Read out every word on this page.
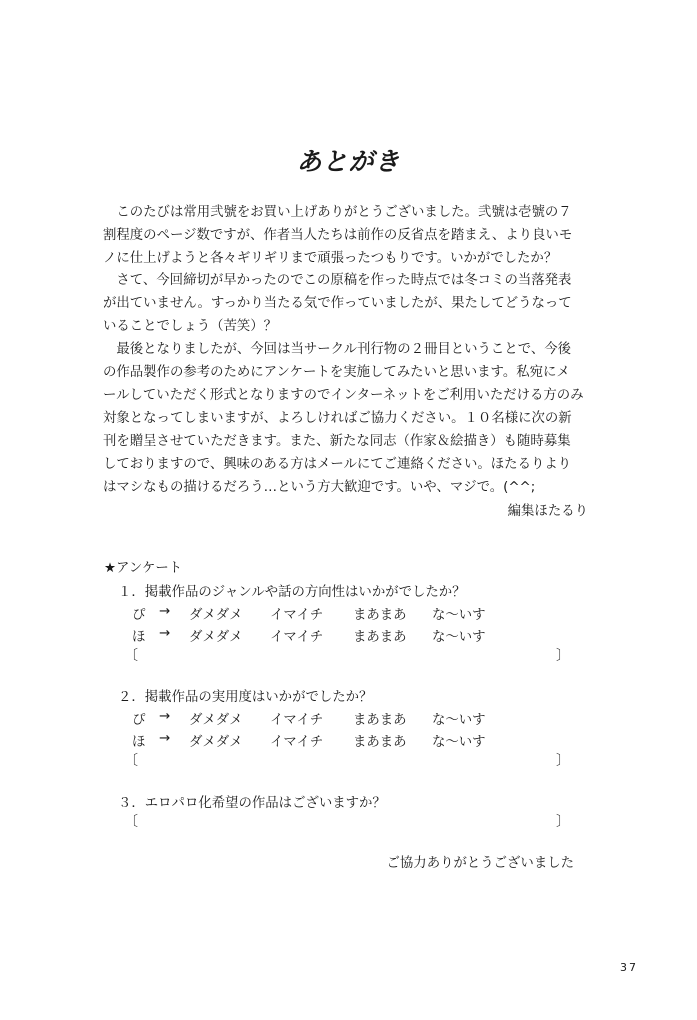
あとがき
　このたびは常用弐號をお買い上げありがとうございました。弐號は壱號の７
割程度のページ数ですが、作者当人たちは前作の反省点を踏まえ、より良いモ
ノに仕上げようと各々ギリギリまで頑張ったつもりです。いかがでしたか？
　さて、今回締切が早かったのでこの原稿を作った時点では冬コミの当落発表
が出ていません。すっかり当たる気で作っていましたが、果たしてどうなって
いることでしょう（苦笑）？
　最後となりましたが、今回は当サークル刊行物の２冊目ということで、今後
の作品製作の参考のためにアンケートを実施してみたいと思います。私宛にメ
ールしていただく形式となりますのでインターネットをご利用いただける方のみ
対象となってしまいますが、よろしければご協力ください。１０名様に次の新
刊を贈呈させていただきます。また、新たな同志（作家＆絵描き）も随時募集
しておりますので、興味のある方はメールにてご連絡ください。ほたるりより
はマシなもの描けるだろう…という方大歓迎です。いや、マジで。(^^;
編集ほたるり
★アンケート
１．掲載作品のジャンルや話の方向性はいかがでしたか？
ぴ → ダメダメ イマイチ まあまあ な～いす
ほ → ダメダメ イマイチ まあまあ な～いす
〔	〕
２．掲載作品の実用度はいかがでしたか？
ぴ → ダメダメ イマイチ まあまあ な～いす
ほ → ダメダメ イマイチ まあまあ な～いす
〔	〕
３．エロパロ化希望の作品はございますか？
〔	〕
ご協力ありがとうございました
37
